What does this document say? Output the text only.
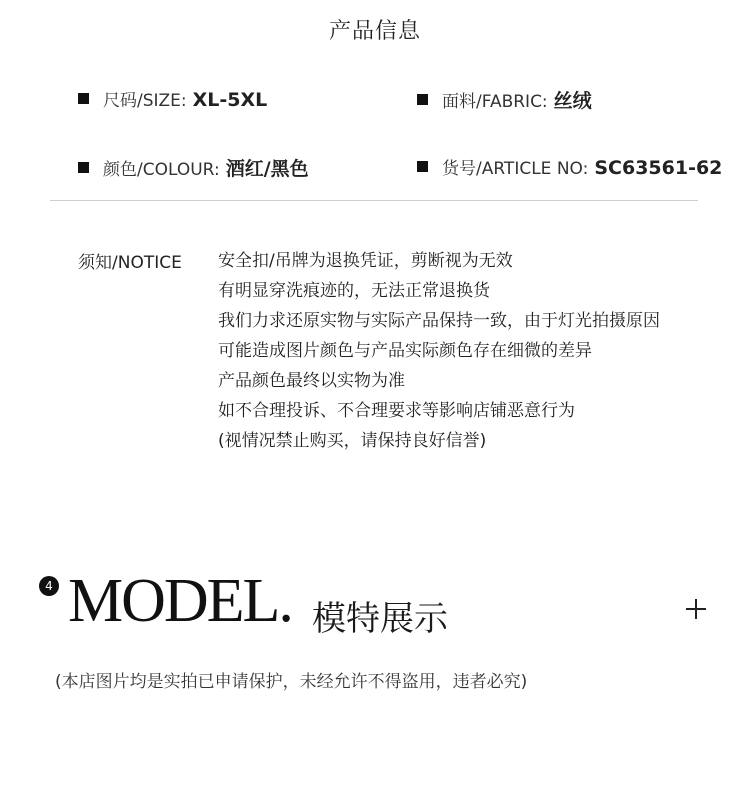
产品信息
尺码/SIZE: XL-5XL	面料/FABRIC: 丝绒
颜色/COLOUR: 酒红/黑色	货号/ARTICLE NO: SC63561-62
须知/NOTICE 安全扣/吊牌为退换凭证，剪断视为无效
有明显穿洗痕迹的，无法正常退换货
我们力求还原实物与实际产品保持一致，由于灯光拍摄原因
可能造成图片颜色与产品实际颜色存在细微的差异
产品颜色最终以实物为准
如不合理投诉、不合理要求等影响店铺恶意行为
(视情况禁止购买，请保持良好信誉)
4 MODEL. 模特展示
(本店图片均是实拍已申请保护，未经允许不得盗用，违者必究)
